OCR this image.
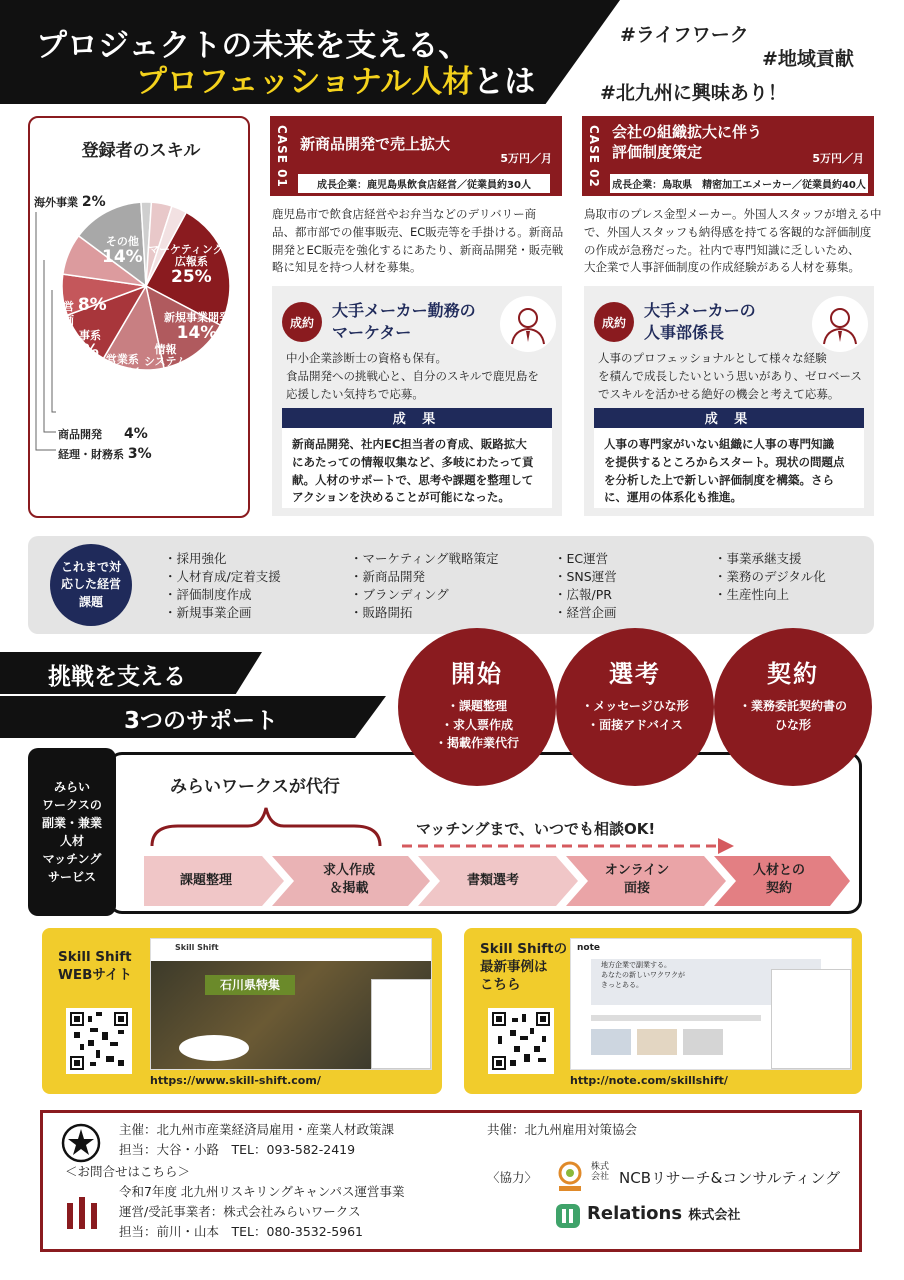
プロジェクトの未来を支える、
プロフェッショナル人材とは
#ライフワーク
#地域貢献
#北九州に興味あり！
登録者のスキル
マーケティング・
広報系
25%
新規事業開発
14%
情報
システム
12%
営業系
11%
人事系
8%
経営 8%
企画
その他
14%
海外事業 2%
商品開発　　 4%
経理・財務系 3%
CASE 01 新商品開発で売上拡大
5万円／月
成長企業：鹿児島県飲食店経営／従業員約30人
鹿児島市で飲食店経営やお弁当などのデリバリー商
品、都市部での催事販売、EC販売等を手掛ける。新商品
開発とEC販売を強化するにあたり、新商品開発・販売戦
略に知見を持つ人材を募集。
成約
大手メーカー勤務の
マーケター
中小企業診断士の資格も保有。
食品開発への挑戦心と、自分のスキルで鹿児島を
応援したい気持ちで応募。
成 果
新商品開発、社内EC担当者の育成、販路拡大
にあたっての情報収集など、多岐にわたって貢
献。人材のサポートで、思考や課題を整理して
アクションを決めることが可能になった。
CASE 02 会社の組織拡大に伴う
評価制度策定	5万円／月
成長企業：鳥取県　精密加工エメーカー／従業員約40人
鳥取市のプレス金型メーカー。外国人スタッフが増える中
で、外国人スタッフも納得感を持てる客観的な評価制度
の作成が急務だった。社内で専門知識に乏しいため、
大企業で人事評価制度の作成経験がある人材を募集。
成約
大手メーカーの
人事部係長
人事のプロフェッショナルとして様々な経験
を積んで成長したいという思いがあり、ゼロベース
でスキルを活かせる絶好の機会と考えて応募。
成 果
人事の専門家がいない組織に人事の専門知識
を提供するところからスタート。現状の問題点
を分析した上で新しい評価制度を構築。さら
に、運用の体系化も推進。
これまで対応した経営課題
・採用強化
・人材育成/定着支援
・評価制度作成
・新規事業企画
・マーケティング戦略策定
・新商品開発
・ブランディング
・販路開拓
・EC運営
・SNS運営
・広報/PR
・経営企画
・事業承継支援
・業務のデジタル化
・生産性向上
挑戦を支える
3つのサポート
みらい
ワークスの
副業・兼業
人材
マッチング
サービス
開始
・課題整理
・求人票作成
・掲載作業代行
選考
・メッセージひな形
・面接アドバイス
契約
・業務委託契約書の
ひな形
みらいワークスが代行
マッチングまで、いつでも相談OK!
課題整理
求人作成
＆掲載
書類選考
オンライン
面接
人材との
契約
Skill Shift
WEBサイト
Skill Shift
石川県特集
https://www.skill-shift.com/
Skill Shiftの
最新事例は
こちら
note
地方企業で副業する。
あなたの新しいワクワクが
きっとある。
http://note.com/skillshift/
主催：北九州市産業経済局雇用・産業人材政策課
担当：大谷・小路　TEL：093-582-2419
共催：北九州雇用対策協会
＜お問合せはこちら＞
令和7年度 北九州リスキリングキャンパス運営事業
運営/受託事業者：株式会社みらいワークス
担当：前川・山本　TEL：080-3532-5961
〈協力〉
株式
会社 NCBリサーチ&コンサルティング
Relations 株式会社
